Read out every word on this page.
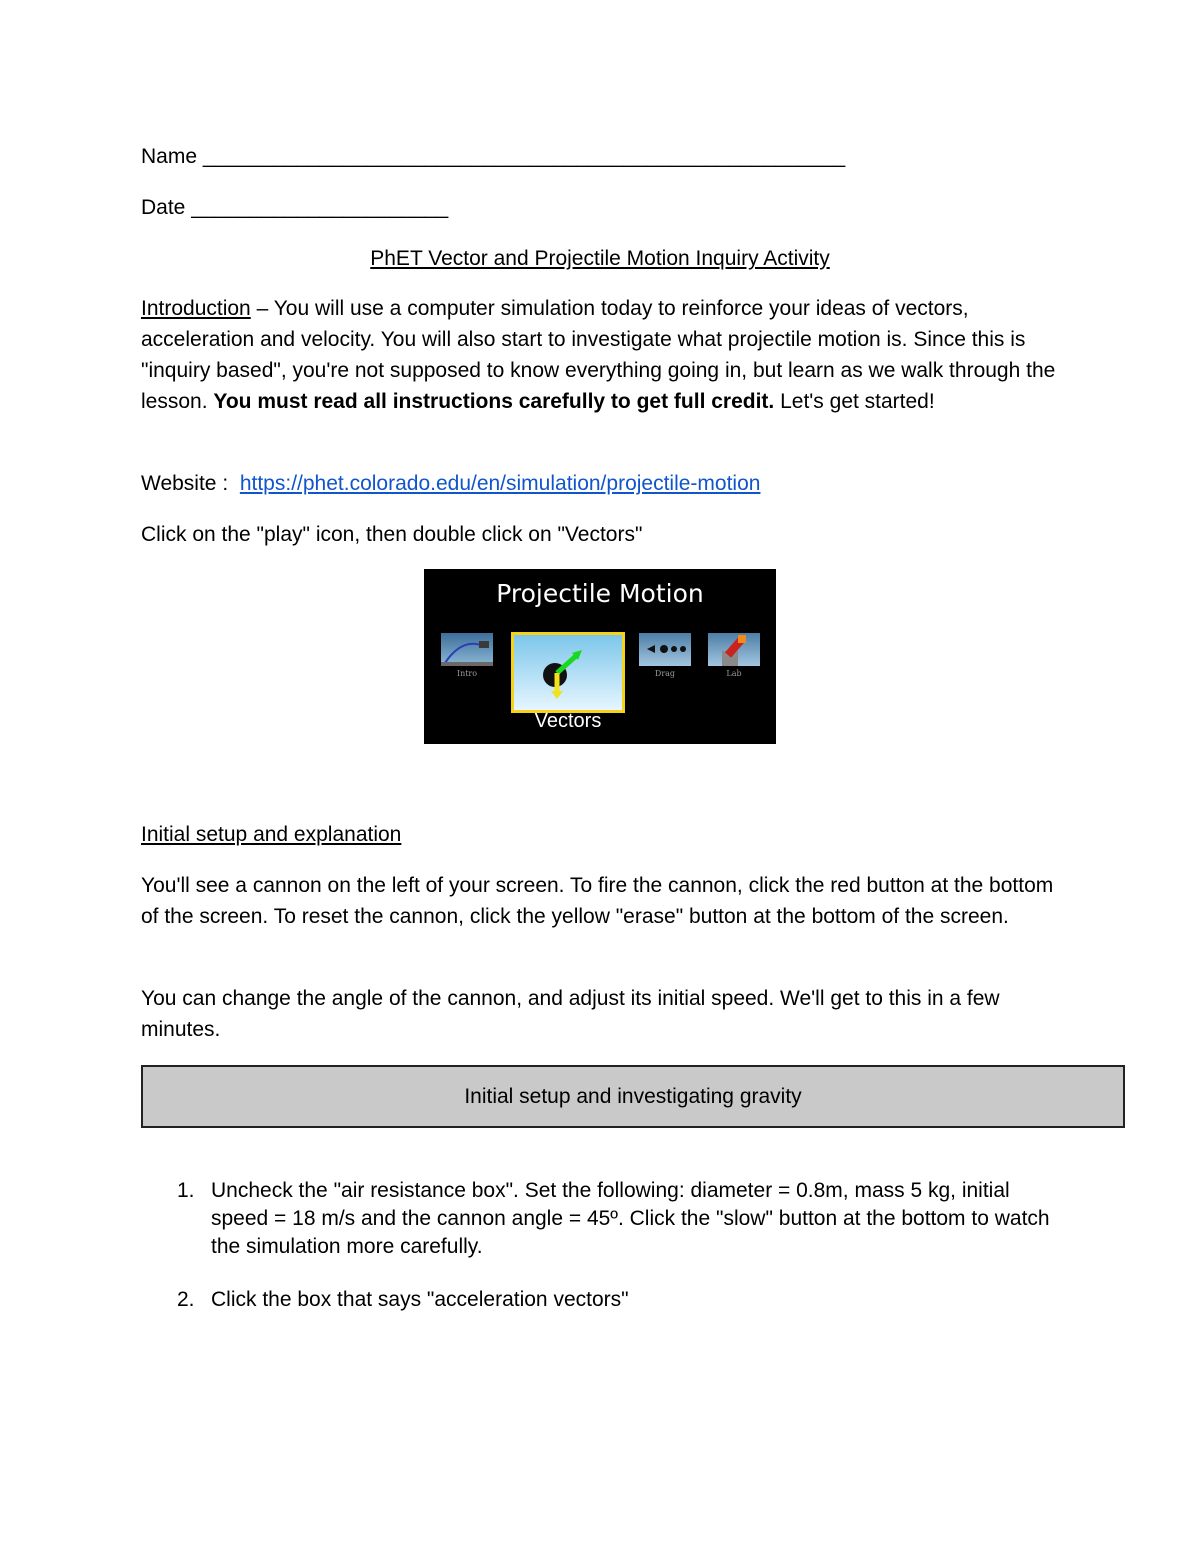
Name _______________________________________________________
Date ______________________
PhET Vector and Projectile Motion Inquiry Activity
Introduction – You will use a computer simulation today to reinforce your ideas of vectors, acceleration and velocity. You will also start to investigate what projectile motion is. Since this is "inquiry based", you're not supposed to know everything going in, but learn as we walk through the lesson. You must read all instructions carefully to get full credit. Let's get started!
Website :  https://phet.colorado.edu/en/simulation/projectile-motion
Click on the "play" icon, then double click on "Vectors"
Projectile Motion
Intro
Vectors
Drag	Lab
Initial setup and explanation
You'll see a cannon on the left of your screen. To fire the cannon, click the red button at the bottom of the screen. To reset the cannon, click the yellow "erase" button at the bottom of the screen.
You can change the angle of the cannon, and adjust its initial speed. We'll get to this in a few minutes.
Initial setup and investigating gravity
1. Uncheck the "air resistance box". Set the following: diameter = 0.8m, mass 5 kg, initial speed = 18 m/s and the cannon angle = 45º. Click the "slow" button at the bottom to watch the simulation more carefully.
2. Click the box that says "acceleration vectors"
